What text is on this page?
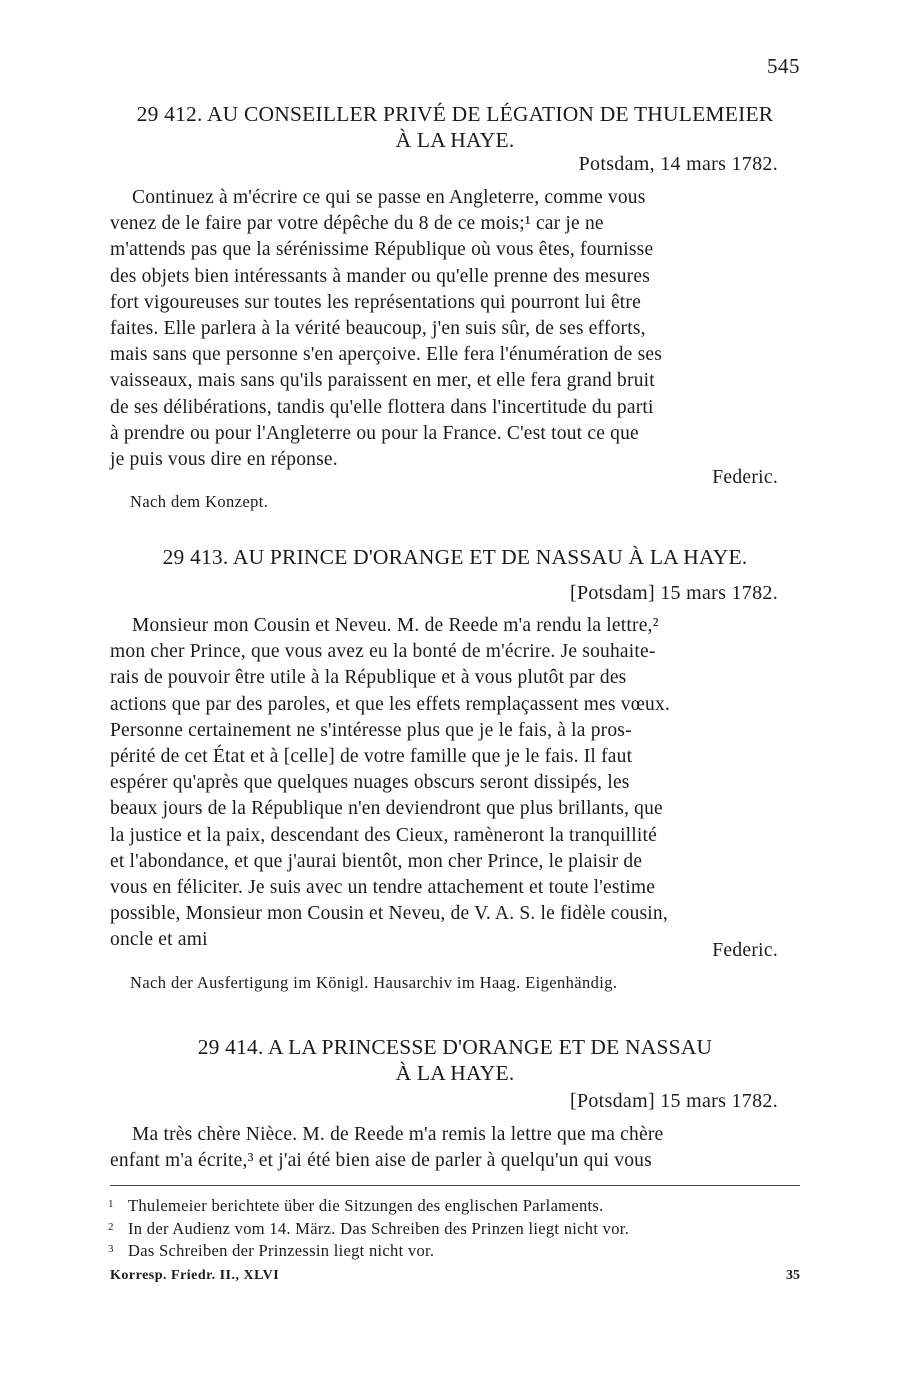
545
29 412. AU CONSEILLER PRIVÉ DE LÉGATION DE THULEMEIER
À LA HAYE.
Potsdam, 14 mars 1782.
Continuez à m'écrire ce qui se passe en Angleterre, comme vous
venez de le faire par votre dépêche du 8 de ce mois;¹ car je ne
m'attends pas que la sérénissime République où vous êtes, fournisse
des objets bien intéressants à mander ou qu'elle prenne des mesures
fort vigoureuses sur toutes les représentations qui pourront lui être
faites. Elle parlera à la vérité beaucoup, j'en suis sûr, de ses efforts,
mais sans que personne s'en aperçoive. Elle fera l'énumération de ses
vaisseaux, mais sans qu'ils paraissent en mer, et elle fera grand bruit
de ses délibérations, tandis qu'elle flottera dans l'incertitude du parti
à prendre ou pour l'Angleterre ou pour la France. C'est tout ce que
je puis vous dire en réponse.
Federic.
Nach dem Konzept.
29 413. AU PRINCE D'ORANGE ET DE NASSAU À LA HAYE.
[Potsdam] 15 mars 1782.
Monsieur mon Cousin et Neveu. M. de Reede m'a rendu la lettre,²
mon cher Prince, que vous avez eu la bonté de m'écrire. Je souhaite-
rais de pouvoir être utile à la République et à vous plutôt par des
actions que par des paroles, et que les effets remplaçassent mes vœux.
Personne certainement ne s'intéresse plus que je le fais, à la pros-
périté de cet État et à [celle] de votre famille que je le fais. Il faut
espérer qu'après que quelques nuages obscurs seront dissipés, les
beaux jours de la République n'en deviendront que plus brillants, que
la justice et la paix, descendant des Cieux, ramèneront la tranquillité
et l'abondance, et que j'aurai bientôt, mon cher Prince, le plaisir de
vous en féliciter. Je suis avec un tendre attachement et toute l'estime
possible, Monsieur mon Cousin et Neveu, de V. A. S. le fidèle cousin,
oncle et ami
Federic.
Nach der Ausfertigung im Königl. Hausarchiv im Haag. Eigenhändig.
29 414. A LA PRINCESSE D'ORANGE ET DE NASSAU
À LA HAYE.
[Potsdam] 15 mars 1782.
Ma très chère Nièce. M. de Reede m'a remis la lettre que ma chère
enfant m'a écrite,³ et j'ai été bien aise de parler à quelqu'un qui vous
1 Thulemeier berichtete über die Sitzungen des englischen Parlaments.
2 In der Audienz vom 14. März. Das Schreiben des Prinzen liegt nicht vor.
3 Das Schreiben der Prinzessin liegt nicht vor.
Korresp. Friedr. II., XLVI	35
